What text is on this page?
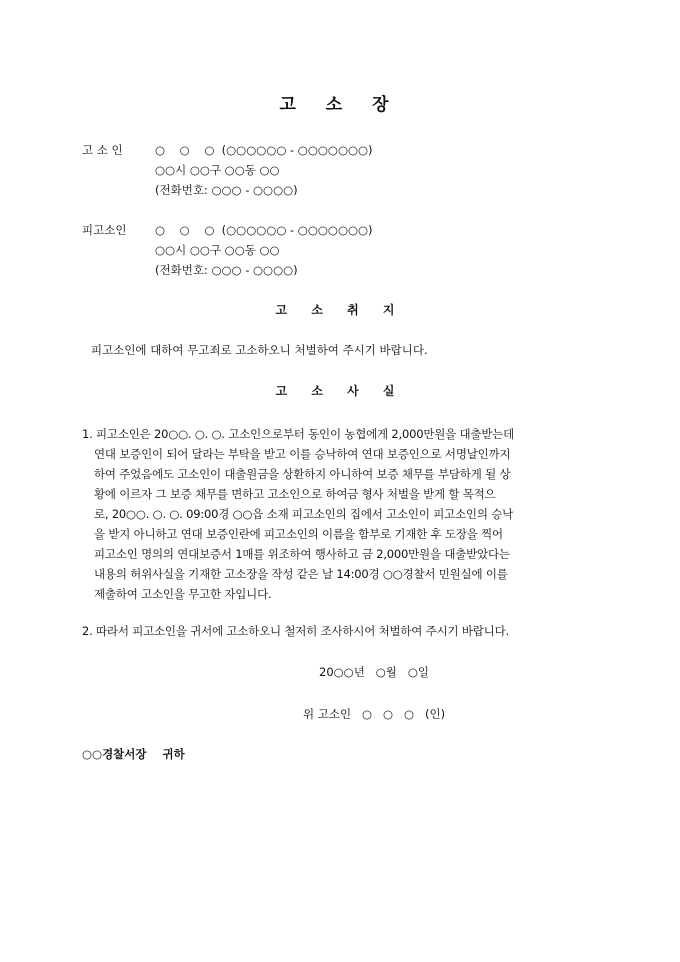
고 소 장
고 소 인	○    ○    ○  (○○○○○○ - ○○○○○○○)
○○시 ○○구 ○○동 ○○
(전화번호: ○○○ - ○○○○)
피고소인	○    ○    ○  (○○○○○○ - ○○○○○○○)
○○시 ○○구 ○○동 ○○
(전화번호: ○○○ - ○○○○)
고 소 취 지
피고소인에 대하여 무고죄로 고소하오니 처벌하여 주시기 바랍니다.
고 소 사 실
1. 피고소인은 20○○. ○. ○. 고소인으로부터 동인이 농협에게 2,000만원을 대출받는데
연대 보증인이 되어 달라는 부탁을 받고 이를 승낙하여 연대 보증인으로 서명날인까지
하여 주었음에도 고소인이 대출원금을 상환하지 아니하여 보증 채무를 부담하게 될 상
황에 이르자 그 보증 채무를 면하고 고소인으로 하여금 형사 처벌을 받게 할 목적으
로, 20○○. ○. ○. 09:00경 ○○읍 소재 피고소인의 집에서 고소인이 피고소인의 승낙
을 받지 아니하고 연대 보증인란에 피고소인의 이름을 함부로 기재한 후 도장을 찍어
피고소인 명의의 연대보증서 1매를 위조하여 행사하고 금 2,000만원을 대출받았다는
내용의 허위사실을 기재한 고소장을 작성 같은 날 14:00경 ○○경찰서 민원실에 이를
제출하여 고소인을 무고한 자입니다.
2. 따라서 피고소인을 귀서에 고소하오니 철저히 조사하시어 처벌하여 주시기 바랍니다.
20○○년   ○월   ○일
위 고소인   ○   ○   ○   (인)
○○경찰서장    귀하
